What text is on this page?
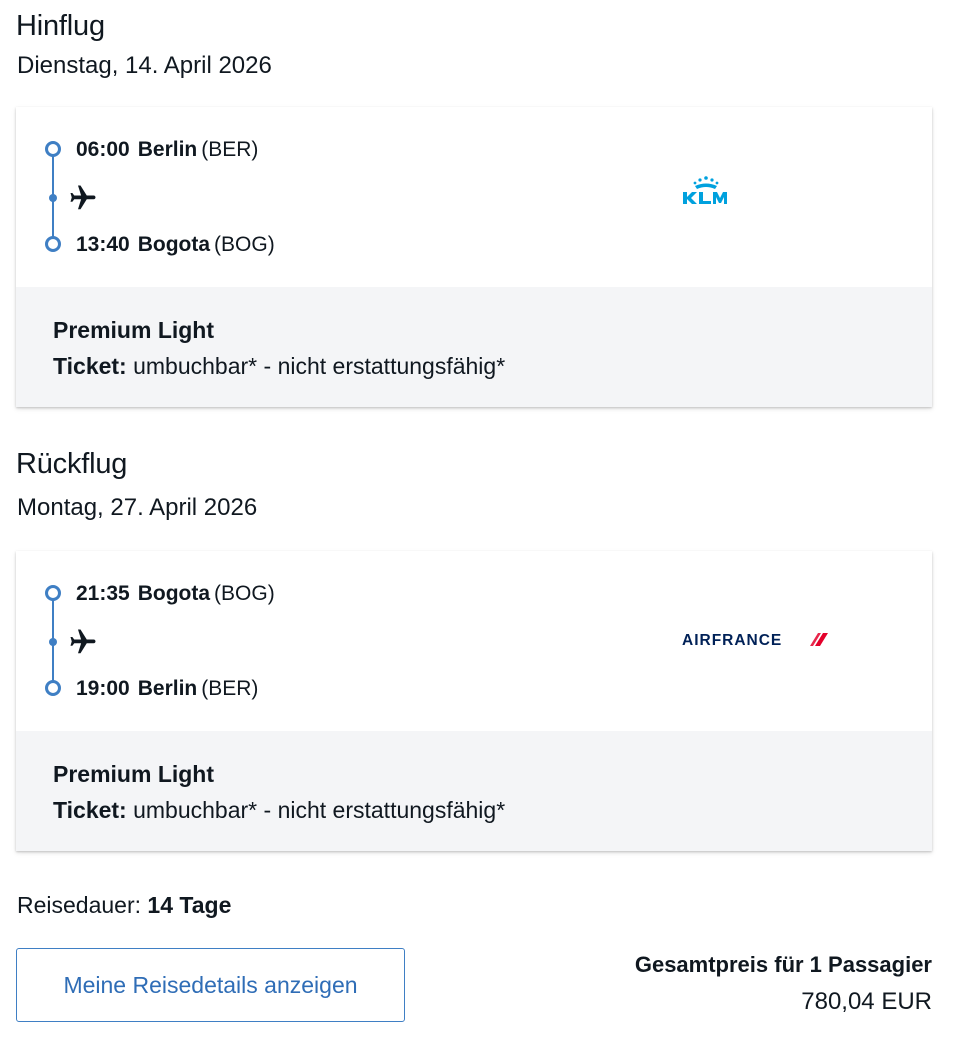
Hinflug
Dienstag, 14. April 2026
06:00 Berlin (BER)
13:40 Bogota (BOG)
Premium Light
Ticket: umbuchbar* - nicht erstattungsfähig*
Rückflug
Montag, 27. April 2026
21:35 Bogota (BOG)
19:00 Berlin (BER)
AIRFRANCE
Premium Light
Ticket: umbuchbar* - nicht erstattungsfähig*
Reisedauer: 14 Tage
Meine Reisedetails anzeigen
Gesamtpreis für 1 Passagier
780,04 EUR
